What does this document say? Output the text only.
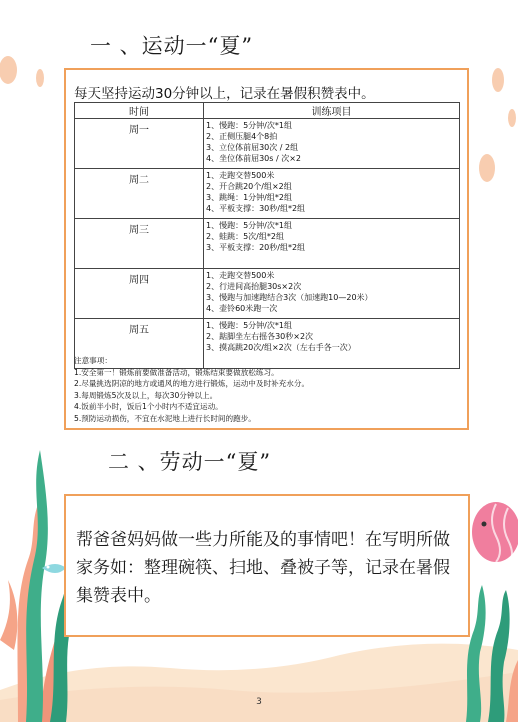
一 、运动一“夏”
每天坚持运动30分钟以上，记录在暑假积赞表中。
时间	训练项目
周一	1、慢跑：5分钟/次*1组
2、正侧压腿4个8拍
3、立位体前屈30次 / 2组
4、坐位体前屈30s / 次×2

周二	1、走跑交替500米
2、开合跳20个/组×2组
3、跳绳：1分钟/组*2组
4、平板支撑：30秒/组*2组

周三	1、慢跑：5分钟/次*1组
2、蛙跳：5次/组*2组
3、平板支撑：20秒/组*2组

周四	1、走跑交替500米
2、行进间高抬腿30s×2次
3、慢跑与加速跑结合3次（加速跑10—20米）
4、壶铃60米跑一次

周五	1、慢跑：5分钟/次*1组
2、踮脚坐左右摇各30秒×2次
3、摸高跳20次/组×2次（左右手各一次）
注意事项：
1.安全第一！锻炼前要做准备活动，锻炼结束要做放松练习。
2.尽量挑选阴凉的地方或通风的地方进行锻炼，运动中及时补充水分。
3.每周锻炼5次及以上，每次30分钟以上。
4.饭前半小时，饭后1个小时内不适宜运动。
5.预防运动损伤，不宜在水泥地上进行长时间的跑步。
二 、劳动一“夏”

帮爸爸妈妈做一些力所能及的事情吧！在写明所做家务如：整理碗筷、扫地、叠被子等，记录在暑假集赞表中。

3
